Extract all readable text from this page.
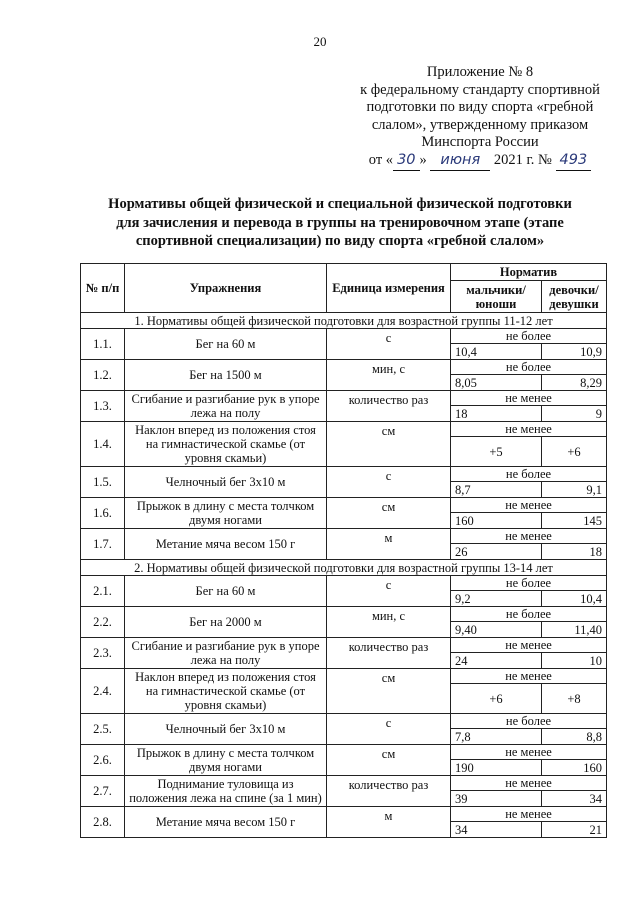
20
Приложение № 8
к федеральному стандарту спортивной
подготовки по виду спорта «гребной
слалом», утвержденному приказом
Минспорта России
от « 30 » июня 2021 г. № 493
Нормативы общей физической и специальной физической подготовки
для зачисления и перевода в группы на тренировочном этапе (этапе
спортивной специализации) по виду спорта «гребной слалом»
№ п/п	Упражнения	Единица измерения	Норматив	
			мальчики/ юноши	девочки/ девушки
1. Нормативы общей физической подготовки для возрастной группы 11-12 лет				
1.1.	Бег на 60 м	с	не более	
			10,4	10,9
1.2.	Бег на 1500 м	мин, с	не более	
			8,05	8,29
1.3.	Сгибание и разгибание рук в упоре лежа на полу	количество раз	не менее	
			18	9
1.4.	Наклон вперед из положения стоя на гимнастической скамье (от уровня скамьи)	см	не менее	
			+5	+6
1.5.	Челночный бег 3х10 м	с	не более	
			8,7	9,1
1.6.	Прыжок в длину с места толчком двумя ногами	см	не менее	
			160	145
1.7.	Метание мяча весом 150 г	м	не менее	
			26	18
2. Нормативы общей физической подготовки для возрастной группы 13-14 лет				
2.1.	Бег на 60 м	с	не более	
			9,2	10,4
2.2.	Бег на 2000 м	мин, с	не более	
			9,40	11,40
2.3.	Сгибание и разгибание рук в упоре лежа на полу	количество раз	не менее	
			24	10
2.4.	Наклон вперед из положения стоя на гимнастической скамье (от уровня скамьи)	см	не менее	
			+6	+8
2.5.	Челночный бег 3х10 м	с	не более	
			7,8	8,8
2.6.	Прыжок в длину с места толчком двумя ногами	см	не менее	
			190	160
2.7.	Поднимание туловища из положения лежа на спине (за 1 мин)	количество раз	не менее	
			39	34
2.8.	Метание мяча весом 150 г	м	не менее	
			34	21
